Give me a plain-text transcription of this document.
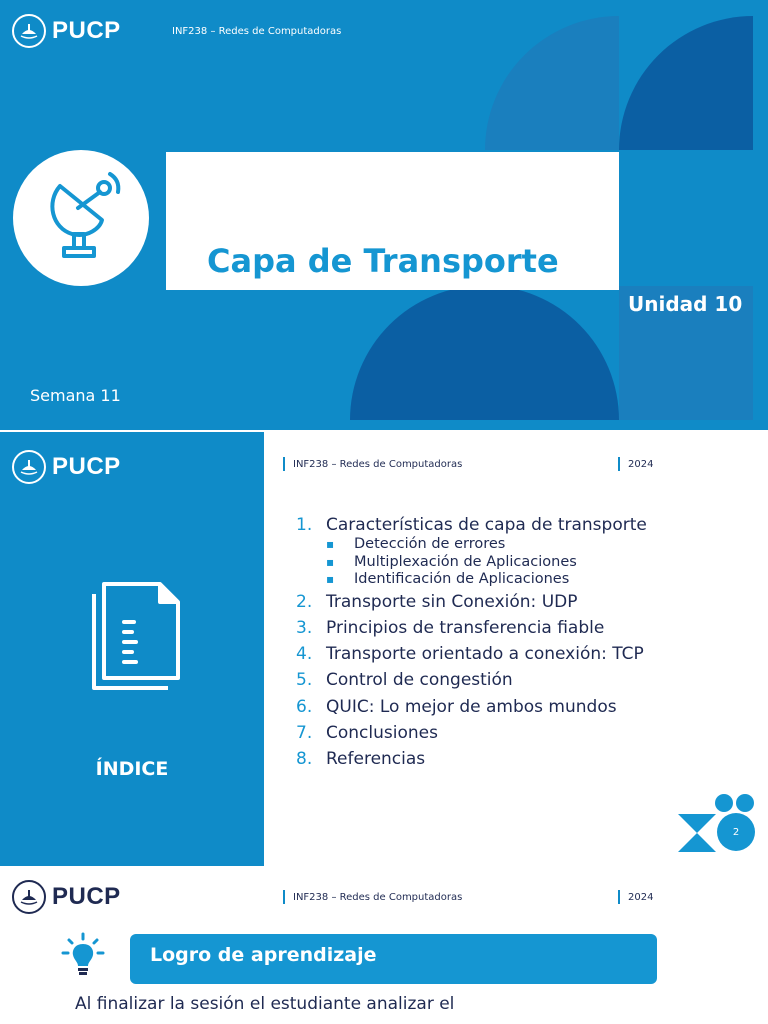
PUCP	INF238 – Redes de Computadoras
Capa de Transporte
Unidad 10
Semana 11
PUCP	INF238 – Redes de Computadoras	2024
ÍNDICE
1. Características de capa de transporte
▪	Detección de errores
▪	Multiplexación de Aplicaciones
▪	Identificación de Aplicaciones
2. Transporte sin Conexión: UDP
3. Principios de transferencia fiable
4. Transporte orientado a conexión: TCP
5. Control de congestión
6. QUIC: Lo mejor de ambos mundos
7. Conclusiones
8. Referencias
2
PUCP	INF238 – Redes de Computadoras	2024
Logro de aprendizaje

Al finalizar la sesión el estudiante analizar el
